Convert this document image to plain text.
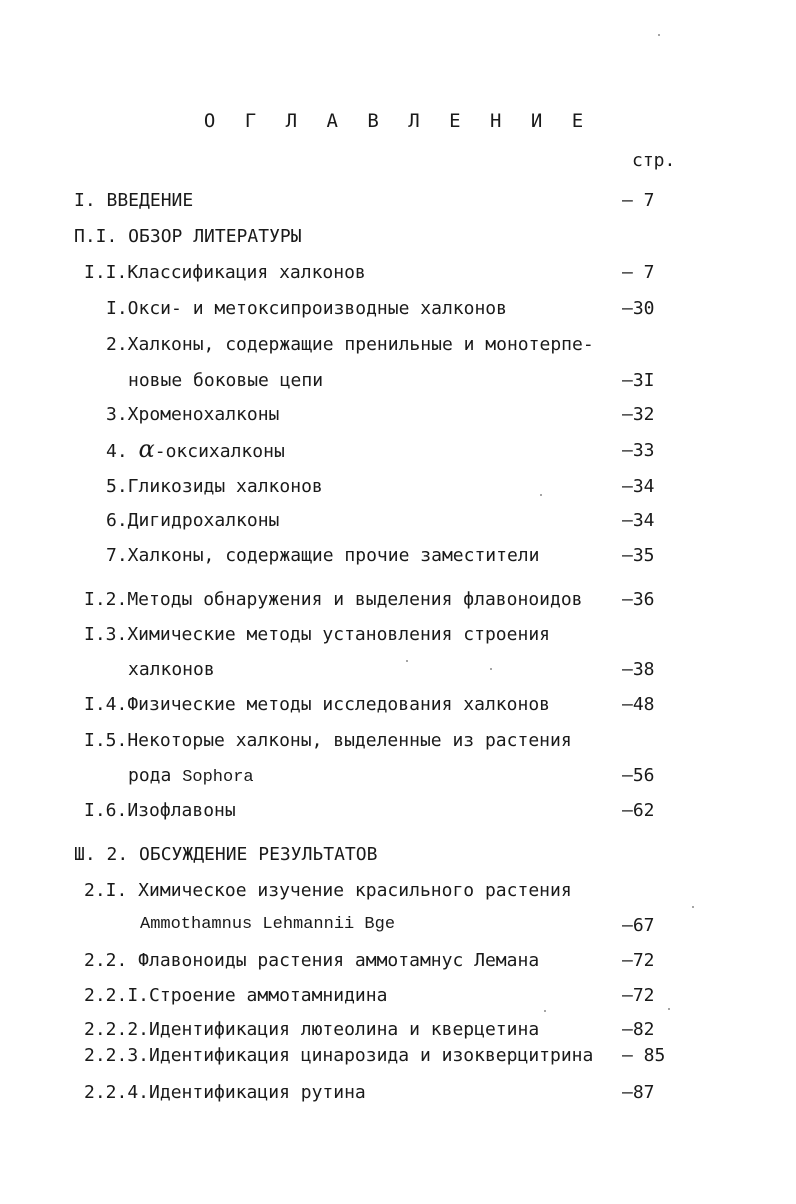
О Г Л А В Л Е Н И Е
стр.
I. ВВЕДЕНИЕ	– 7
П.I. ОБЗОР ЛИТЕРАТУРЫ
I.I.Классификация халконов	– 7
I.Окси- и метоксипроизводные халконов	–30
2.Халконы, содержащие пренильные и монотерпе-
новые боковые цепи	–3I
3.Хроменохалконы	–32
4. α-оксихалконы	–33
5.Гликозиды халконов	–34
6.Дигидрохалконы	–34
7.Халконы, содержащие прочие заместители	–35
I.2.Методы обнаружения и выделения флавоноидов –36
I.3.Химические методы установления строения
халконов	–38
I.4.Физические методы исследования халконов	–48
I.5.Некоторые халконы, выделенные из растения
рода Sophora	–56
I.6.Изофлавоны	–62
Ш. 2. ОБСУЖДЕНИЕ РЕЗУЛЬТАТОВ
2.I. Химическое изучение красильного растения
Ammothamnus Lehmannii Bge	–67
2.2. Флавоноиды растения аммотамнус Лемана	–72
2.2.I.Строение аммотамнидина	–72
2.2.2.Идентификация лютеолина и кверцетина	–82
2.2.3.Идентификация цинарозида и изокверцитрина – 85
2.2.4.Идентификация рутина	–87
